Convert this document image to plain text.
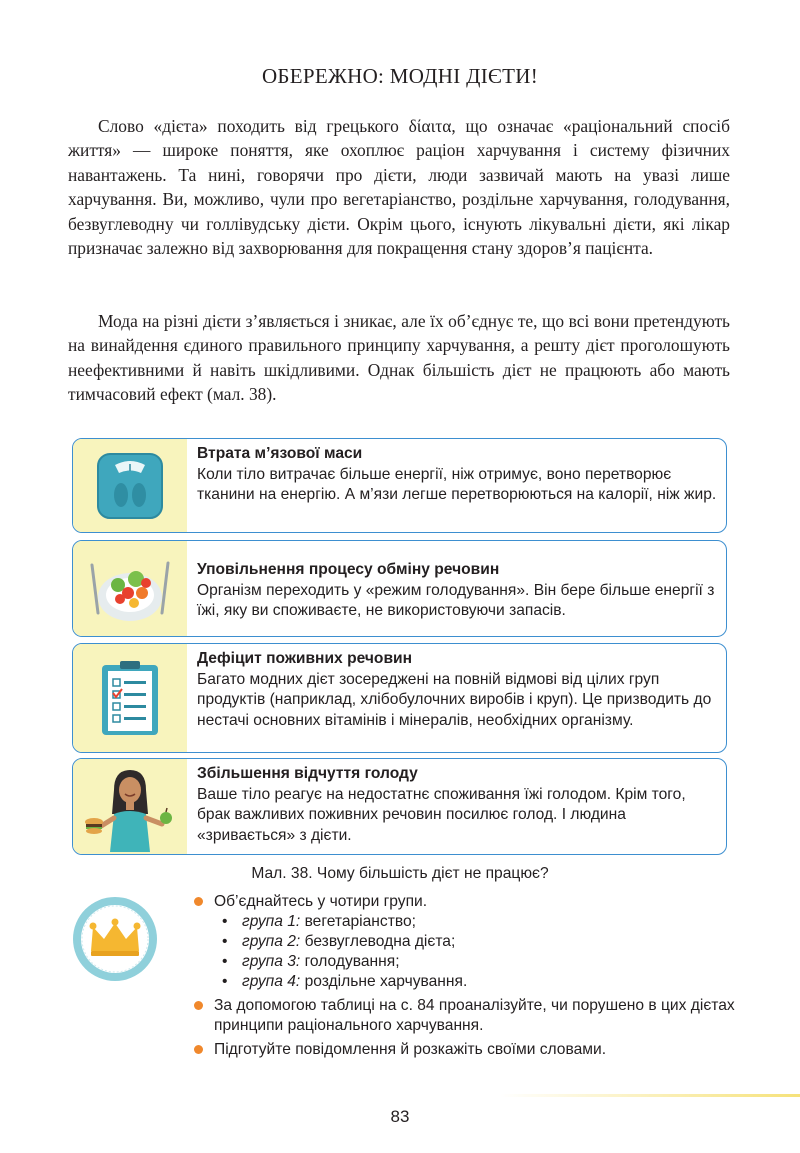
ОБЕРЕЖНО: МОДНІ ДІЄТИ!

Слово «дієта» походить від грецького δίαιτα, що означає «раціональний спосіб життя» — широке поняття, яке охоплює раціон харчування і систему фізичних навантажень. Та нині, говорячи про дієти, люди зазвичай мають на увазі лише харчування. Ви, можливо, чули про вегетаріанство, роздільне харчування, голодування, безвуглеводну чи голлівудську дієти. Окрім цього, існують лікувальні дієти, які лікар призначає залежно від захворювання для покращення стану здоров’я пацієнта.

Мода на різні дієти з’являється і зникає, але їх об’єднує те, що всі вони претендують на винайдення єдиного правильного принципу харчування, а решту дієт проголошують неефективними й навіть шкідливими. Однак більшість дієт не працюють або мають тимчасовий ефект (мал. 38).

Втрата м’язової маси
Коли тіло витрачає більше енергії, ніж отримує, воно перетворює тканини на енергію. А м’язи легше перетворюються на калорії, ніж жир.
Уповільнення процесу обміну речовин
Організм переходить у «режим голодування». Він бере більше енергії з їжі, яку ви споживаєте, не використовуючи запасів.
Дефіцит поживних речовин
Багато модних дієт зосереджені на повній відмові від цілих груп продуктів (наприклад, хлібобулочних виробів і круп). Це призводить до нестачі основних вітамінів і мінералів, необхідних організму.
Збільшення відчуття голоду
Ваше тіло реагує на недостатнє споживання їжі голодом. Крім того, брак важливих поживних речовин посилює голод. І людина «зривається» з дієти.
Мал. 38. Чому більшість дієт не працює?
Об’єднайтесь у чотири групи.
• група 1: вегетаріанство;
• група 2: безвуглеводна дієта;
• група 3: голодування;
• група 4: роздільне харчування.
За допомогою таблиці на с. 84 проаналізуйте, чи порушено в цих дієтах принципи раціонального харчування.
Підготуйте повідомлення й розкажіть своїми словами.
83
